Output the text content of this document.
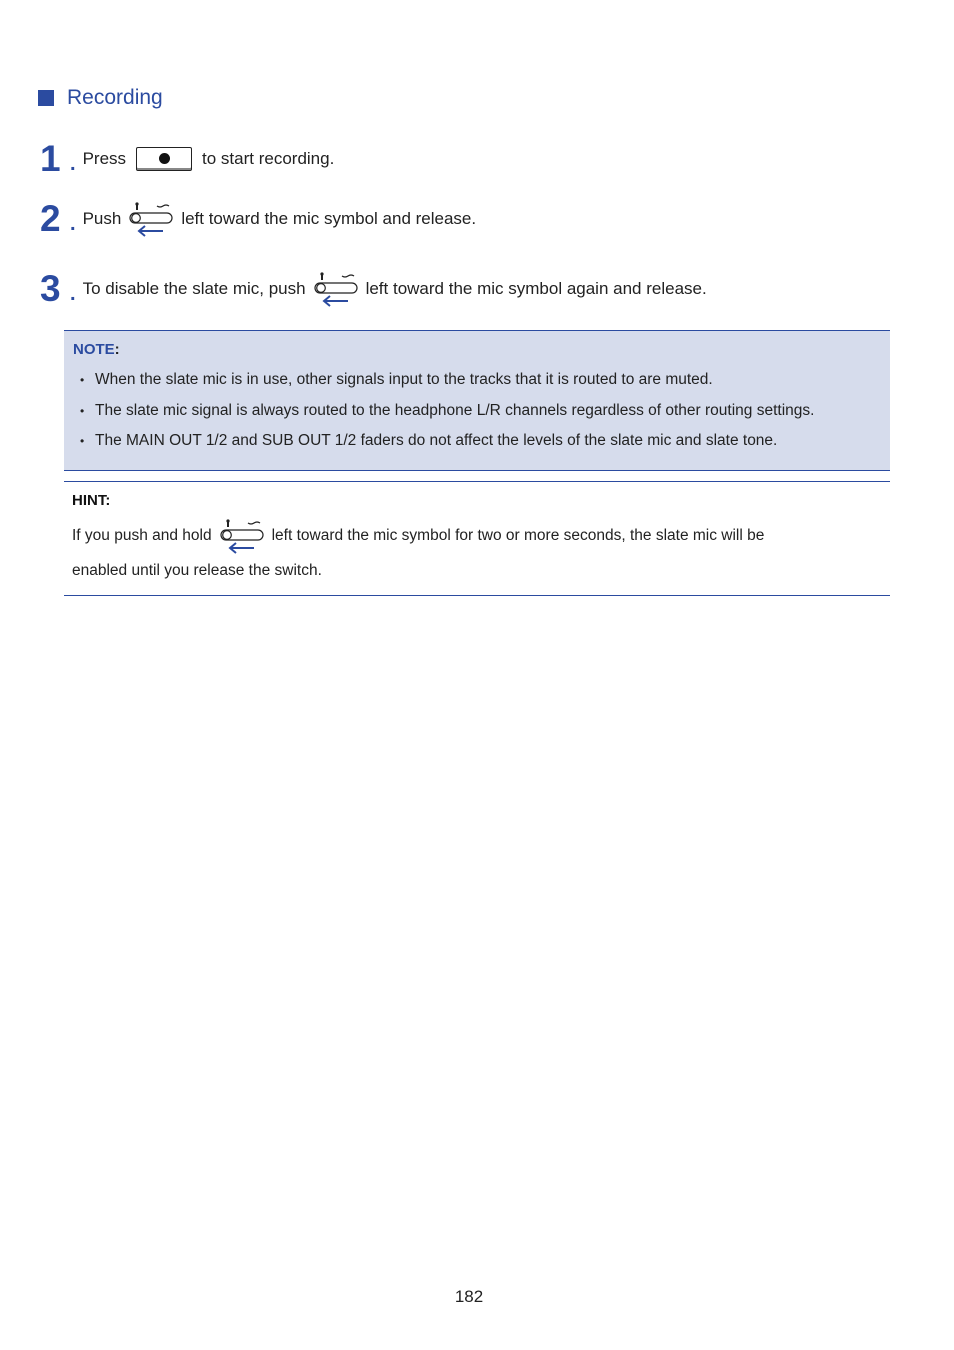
Recording
1 . Press	to start recording.
2 . Push	left toward the mic symbol and release.
3 . To disable the slate mic, push	left toward the mic symbol again and release.
NOTE:
• When the slate mic is in use, other signals input to the tracks that it is routed to are muted.
• The slate mic signal is always routed to the headphone L/R channels regardless of other routing settings.
• The MAIN OUT 1/2 and SUB OUT 1/2 faders do not affect the levels of the slate mic and slate tone.
HINT:
If you push and hold	left toward the mic symbol for two or more seconds, the slate mic will be
enabled until you release the switch.
182
